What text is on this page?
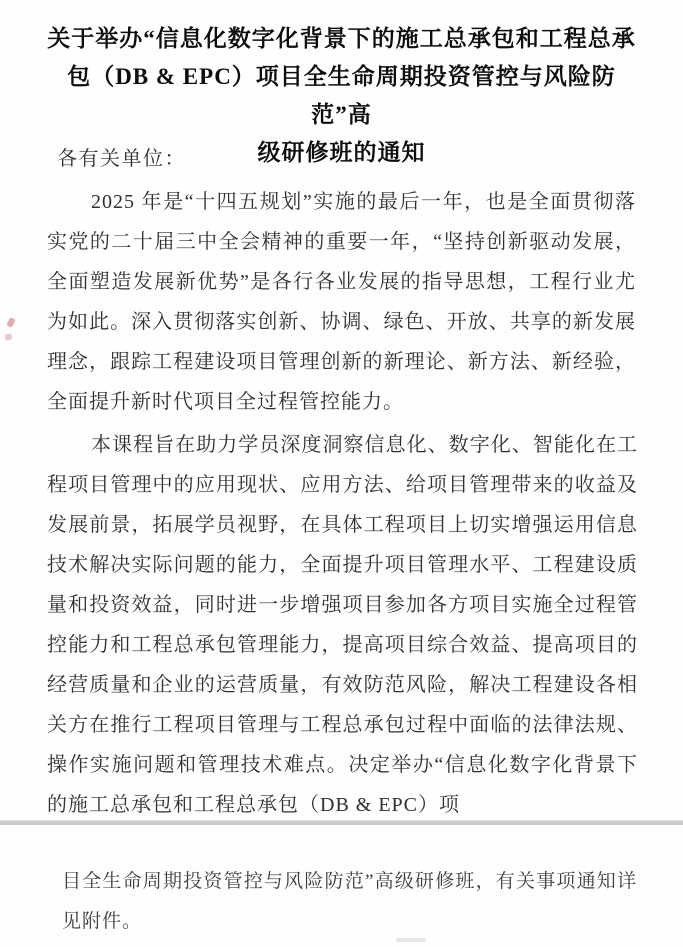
关于举办“信息化数字化背景下的施工总承包和工程总承
包（DB & EPC）项目全生命周期投资管控与风险防范”高
级研修班的通知

各有关单位：

2025 年是“十四五规划”实施的最后一年，也是全面贯彻落实党的二十届三中全会精神的重要一年，“坚持创新驱动发展，全面塑造发展新优势”是各行各业发展的指导思想，工程行业尤为如此。深入贯彻落实创新、协调、绿色、开放、共享的新发展理念，跟踪工程建设项目管理创新的新理论、新方法、新经验，全面提升新时代项目全过程管控能力。

本课程旨在助力学员深度洞察信息化、数字化、智能化在工程项目管理中的应用现状、应用方法、给项目管理带来的收益及发展前景，拓展学员视野，在具体工程项目上切实增强运用信息技术解决实际问题的能力，全面提升项目管理水平、工程建设质量和投资效益，同时进一步增强项目参加各方项目实施全过程管控能力和工程总承包管理能力，提高项目综合效益、提高项目的经营质量和企业的运营质量，有效防范风险，解决工程建设各相关方在推行工程项目管理与工程总承包过程中面临的法律法规、操作实施问题和管理技术难点。决定举办“信息化数字化背景下的施工总承包和工程总承包（DB & EPC）项

目全生命周期投资管控与风险防范”高级研修班，有关事项通知详见附件。
